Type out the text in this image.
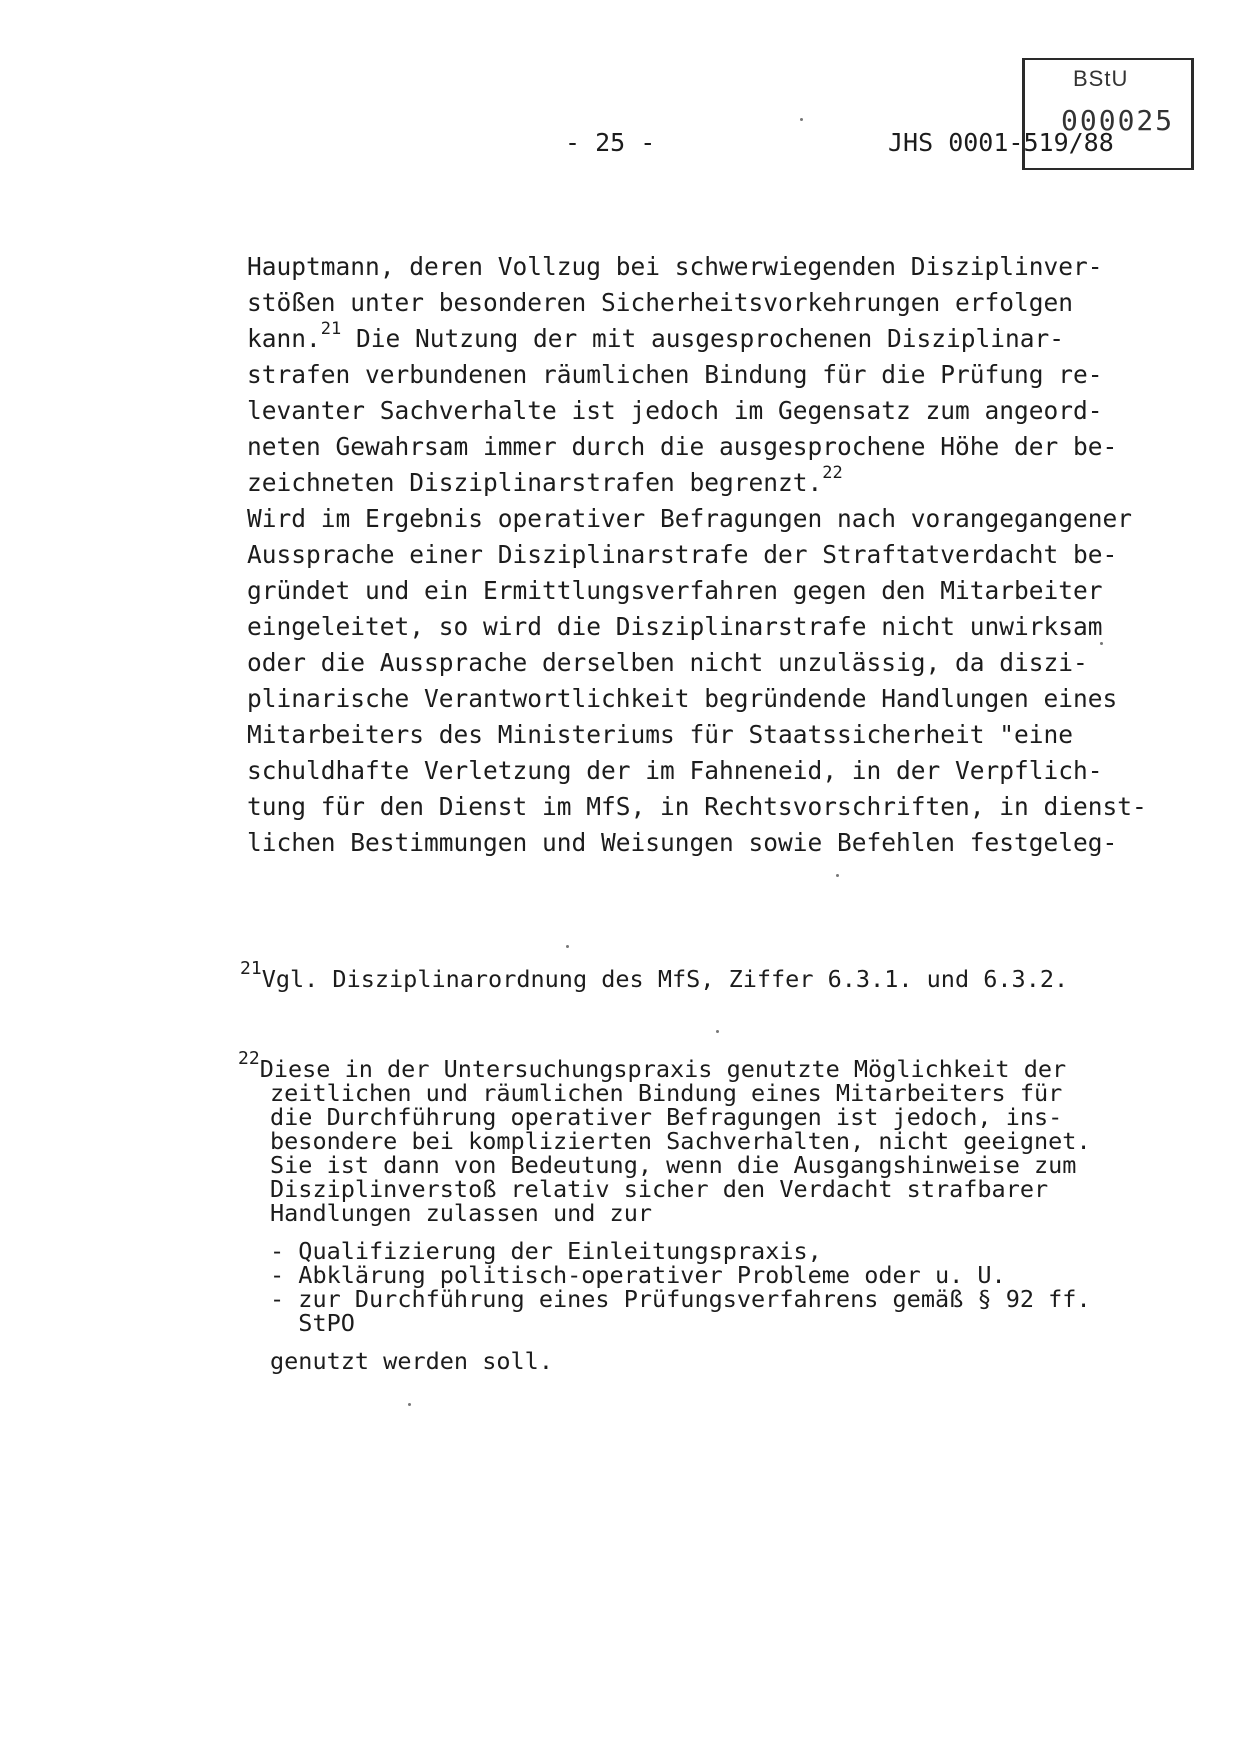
- 25 -	JHS 0001-519/88
BStU
000025
Hauptmann, deren Vollzug bei schwerwiegenden Disziplinver-
stößen unter besonderen Sicherheitsvorkehrungen erfolgen
kann.$^{21}$ Die Nutzung der mit ausgesprochenen Disziplinar-
strafen verbundenen räumlichen Bindung für die Prüfung re-
levanter Sachverhalte ist jedoch im Gegensatz zum angeord-
neten Gewahrsam immer durch die ausgesprochene Höhe der be-
zeichneten Disziplinarstrafen begrenzt.$^{22}$
Wird im Ergebnis operativer Befragungen nach vorangegangener
Aussprache einer Disziplinarstrafe der Straftatverdacht be-
gründet und ein Ermittlungsverfahren gegen den Mitarbeiter
eingeleitet, so wird die Disziplinarstrafe nicht unwirksam
oder die Aussprache derselben nicht unzulässig, da diszi-
plinarische Verantwortlichkeit begründende Handlungen eines
Mitarbeiters des Ministeriums für Staatssicherheit "eine
schuldhafte Verletzung der im Fahneneid, in der Verpflich-
tung für den Dienst im MfS, in Rechtsvorschriften, in dienst-
lichen Bestimmungen und Weisungen sowie Befehlen festgeleg-
$^{21}$Vgl. Disziplinarordnung des MfS, Ziffer 6.3.1. und 6.3.2.
$^{22}$Diese in der Untersuchungspraxis genutzte Möglichkeit der
zeitlichen und räumlichen Bindung eines Mitarbeiters für
die Durchführung operativer Befragungen ist jedoch, ins-
besondere bei komplizierten Sachverhalten, nicht geeignet.
Sie ist dann von Bedeutung, wenn die Ausgangshinweise zum
Disziplinverstoß relativ sicher den Verdacht strafbarer
Handlungen zulassen und zur
- Qualifizierung der Einleitungspraxis,
- Abklärung politisch-operativer Probleme oder u. U.
- zur Durchführung eines Prüfungsverfahrens gemäß § 92 ff.
StPO
genutzt werden soll.
